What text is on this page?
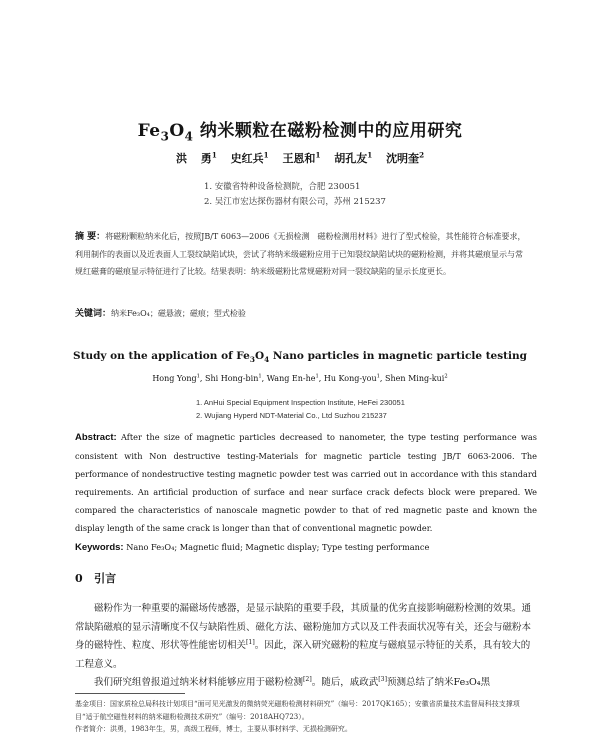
$Fe_3O_4$ 纳米颗粒在磁粉检测中的应用研究
洪 勇$^1$ 史红兵$^1$ 王恩和$^1$ 胡孔友$^1$ 沈明奎$^2$
1. 安徽省特种设备检测院，合肥 230051
2. 吴江市宏达探伤器材有限公司，苏州 215237
摘 要：将磁粉颗粒纳米化后，按照JB/T 6063—2006《无损检测　磁粉检测用材料》进行了型式检验，其性能符合标准要求，利用制作的表面以及近表面人工裂纹缺陷试块，尝试了将纳米级磁粉应用于已知裂纹缺陷试块的磁粉检测，并将其磁痕显示与常规红磁膏的磁痕显示特征进行了比较。结果表明：纳米级磁粉比常规磁粉对同一裂纹缺陷的显示长度更长。
关键词：纳米Fe₃O₄；磁悬液；磁痕；型式检验
Study on the application of $Fe_3O_4$ Nano particles in magnetic particle testing
Hong Yong$^1$, Shi Hong-bin$^1$, Wang $En-he^1$, Hu Kong-you$^1$, Shen Ming-kui$^2$
1. AnHui Special Equipment Inspection Institute, HeFei 230051
2. Wujiang Hyperd NDT-Material Co., Ltd Suzhou 215237
Abstract: After the size of magnetic particles decreased to nanometer, the type testing performance was consistent with Non destructive testing-Materials for magnetic particle testing JB/T 6063-2006. The performance of nondestructive testing magnetic powder test was carried out in accordance with this standard requirements. An artificial production of surface and near surface crack defects block were prepared. We compared the characteristics of nanoscale magnetic powder to that of red magnetic paste and known the display length of the same crack is longer than that of conventional magnetic powder.
Keywords: Nano Fe₃O₄; Magnetic fluid; Magnetic display; Type testing performance
0 引言

磁粉作为一种重要的漏磁场传感器，是显示缺陷的重要手段，其质量的优劣直接影响磁粉检测的效果。通常缺陷磁痕的显示清晰度不仅与缺陷性质、磁化方法、磁粉施加方式以及工件表面状况等有关，还会与磁粉本身的磁特性、粒度、形状等性能密切相关[1]。因此，深入研究磁粉的粒度与磁痕显示特征的关系，具有较大的工程意义。

我们研究组曾报道过纳米材料能够应用于磁粉检测[2]。随后，戚政武[3]预测总结了纳米Fe₃O₄黑

基金项目：国家质检总局科技计划项目“面可见光激发的微纳荧光磁粉检测材料研究”（编号：2017QK165）；安徽省质量技术监督局科技支撑项目“适于航空磁性材料的纳米磁粉检测技术研究”（编号：2018AHQ723）。

作者简介：洪勇，1983年生，男，高级工程师，博士，主要从事材料学、无损检测研究。
